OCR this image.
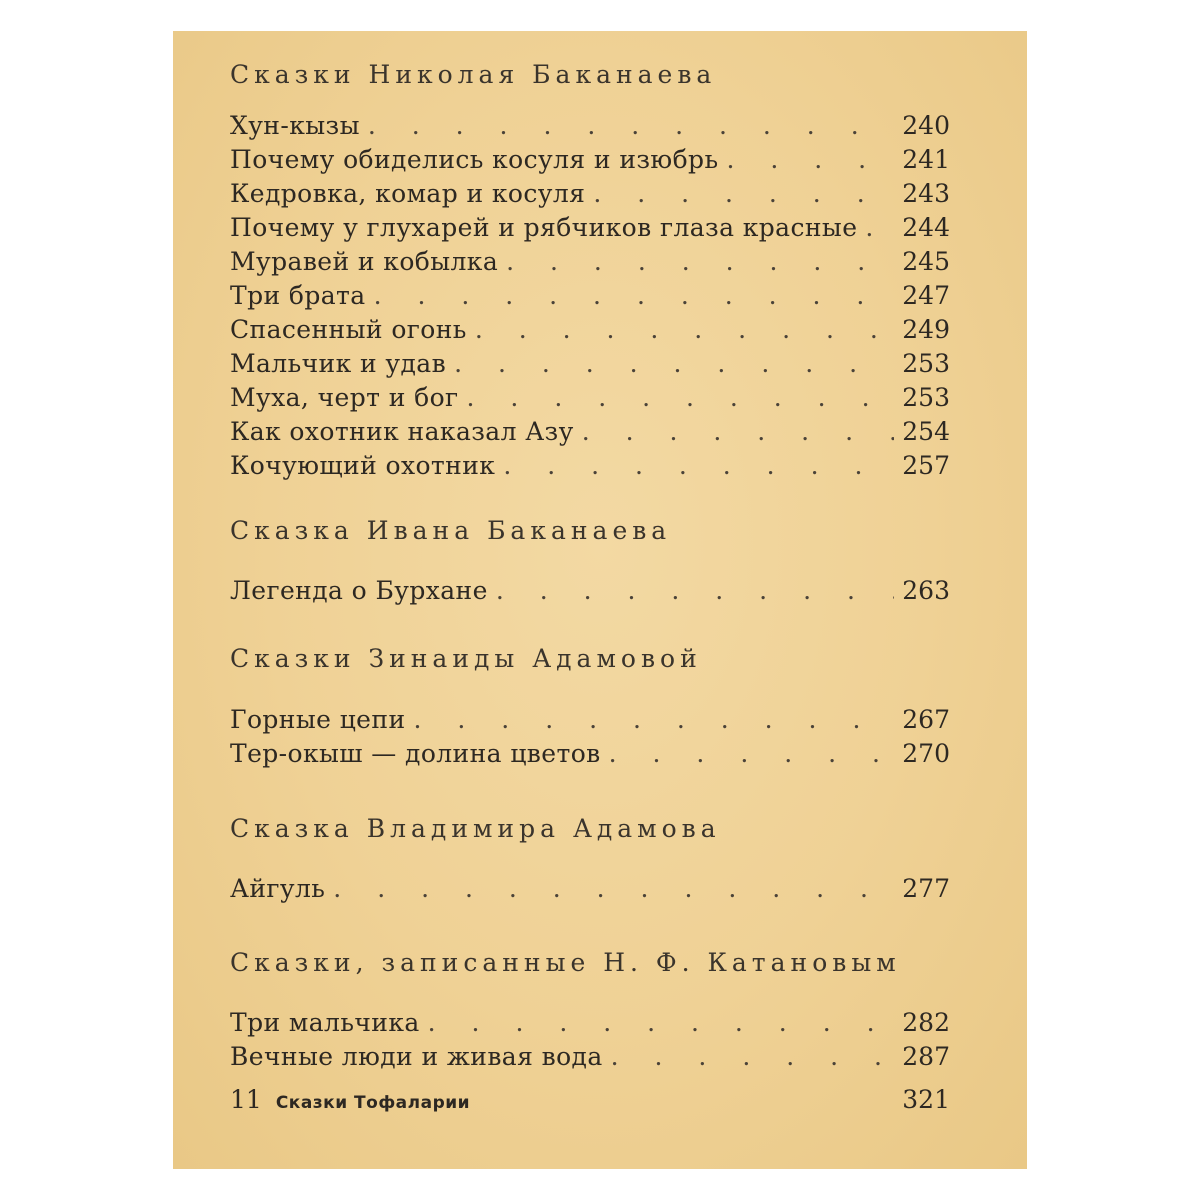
Сказки Николая Баканаева
Хун-кызы . . .	240
Почему обиделись косуля и изюбрь . . .	241
Кедровка, комар и косуля . . .	243
Почему у глухарей и рябчиков глаза красные . . . 244
Муравей и кобылка . . .	245
Три брата . . .	247
Спасенный огонь . . .	249
Мальчик и удав . . .	253
Муха, черт и бог . . .	253
Как охотник наказал Азу . . .	254
Кочующий охотник . . .	257
Сказка Ивана Баканаева
Легенда о Бурхане . . .	263
Сказки Зинаиды Адамовой
Горные цепи . . .	267
Тер-окыш — долина цветов . . .	270
Сказка Владимира Адамова
Айгуль . . .	277
Сказки, записанные Н. Ф. Катановым
Три мальчика . . .	282
Вечные люди и живая вода . . .	287
11 Сказки Тофаларии	321
